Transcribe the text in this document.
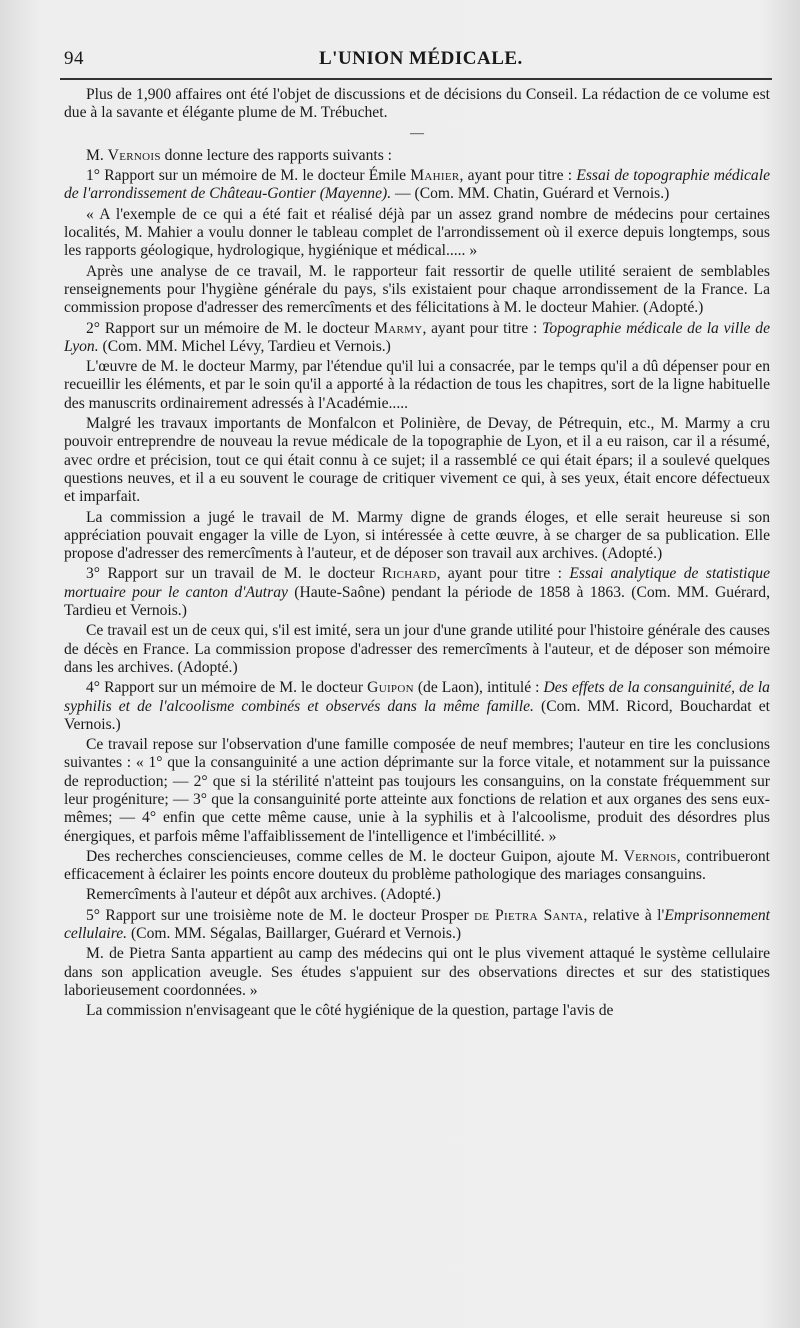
94	L'UNION MÉDICALE.

Plus de 1,900 affaires ont été l'objet de discussions et de décisions du Conseil. La rédaction de ce volume est due à la savante et élégante plume de M. Trébuchet.

—

M. Vernois donne lecture des rapports suivants :

1° Rapport sur un mémoire de M. le docteur Émile Mahier, ayant pour titre : Essai de topographie médicale de l'arrondissement de Château-Gontier (Mayenne). — (Com. MM. Chatin, Guérard et Vernois.)

« A l'exemple de ce qui a été fait et réalisé déjà par un assez grand nombre de médecins pour certaines localités, M. Mahier a voulu donner le tableau complet de l'arrondissement où il exerce depuis longtemps, sous les rapports géologique, hydrologique, hygiénique et médical..... »

Après une analyse de ce travail, M. le rapporteur fait ressortir de quelle utilité seraient de semblables renseignements pour l'hygiène générale du pays, s'ils existaient pour chaque arrondissement de la France. La commission propose d'adresser des remercîments et des félicitations à M. le docteur Mahier. (Adopté.)

2° Rapport sur un mémoire de M. le docteur Marmy, ayant pour titre : Topographie médicale de la ville de Lyon. (Com. MM. Michel Lévy, Tardieu et Vernois.)

L'œuvre de M. le docteur Marmy, par l'étendue qu'il lui a consacrée, par le temps qu'il a dû dépenser pour en recueillir les éléments, et par le soin qu'il a apporté à la rédaction de tous les chapitres, sort de la ligne habituelle des manuscrits ordinairement adressés à l'Académie.....

Malgré les travaux importants de Monfalcon et Polinière, de Devay, de Pétrequin, etc., M. Marmy a cru pouvoir entreprendre de nouveau la revue médicale de la topographie de Lyon, et il a eu raison, car il a résumé, avec ordre et précision, tout ce qui était connu à ce sujet; il a rassemblé ce qui était épars; il a soulevé quelques questions neuves, et il a eu souvent le courage de critiquer vivement ce qui, à ses yeux, était encore défectueux et imparfait.

La commission a jugé le travail de M. Marmy digne de grands éloges, et elle serait heureuse si son appréciation pouvait engager la ville de Lyon, si intéressée à cette œuvre, à se charger de sa publication. Elle propose d'adresser des remercîments à l'auteur, et de déposer son travail aux archives. (Adopté.)

3° Rapport sur un travail de M. le docteur Richard, ayant pour titre : Essai analytique de statistique mortuaire pour le canton d'Autray (Haute-Saône) pendant la période de 1858 à 1863. (Com. MM. Guérard, Tardieu et Vernois.)

Ce travail est un de ceux qui, s'il est imité, sera un jour d'une grande utilité pour l'histoire générale des causes de décès en France. La commission propose d'adresser des remercîments à l'auteur, et de déposer son mémoire dans les archives. (Adopté.)

4° Rapport sur un mémoire de M. le docteur Guipon (de Laon), intitulé : Des effets de la consanguinité, de la syphilis et de l'alcoolisme combinés et observés dans la même famille. (Com. MM. Ricord, Bouchardat et Vernois.)

Ce travail repose sur l'observation d'une famille composée de neuf membres; l'auteur en tire les conclusions suivantes : « 1° que la consanguinité a une action déprimante sur la force vitale, et notamment sur la puissance de reproduction; — 2° que si la stérilité n'atteint pas toujours les consanguins, on la constate fréquemment sur leur progéniture; — 3° que la consanguinité porte atteinte aux fonctions de relation et aux organes des sens eux-mêmes; — 4° enfin que cette même cause, unie à la syphilis et à l'alcoolisme, produit des désordres plus énergiques, et parfois même l'affaiblissement de l'intelligence et l'imbécillité. »

Des recherches consciencieuses, comme celles de M. le docteur Guipon, ajoute M. Vernois, contribueront efficacement à éclairer les points encore douteux du problème pathologique des mariages consanguins.

Remercîments à l'auteur et dépôt aux archives. (Adopté.)

5° Rapport sur une troisième note de M. le docteur Prosper de Pietra Santa, relative à l'Emprisonnement cellulaire. (Com. MM. Ségalas, Baillarger, Guérard et Vernois.)

M. de Pietra Santa appartient au camp des médecins qui ont le plus vivement attaqué le système cellulaire dans son application aveugle. Ses études s'appuient sur des observations directes et sur des statistiques laborieusement coordonnées. »

La commission n'envisageant que le côté hygiénique de la question, partage l'avis de
